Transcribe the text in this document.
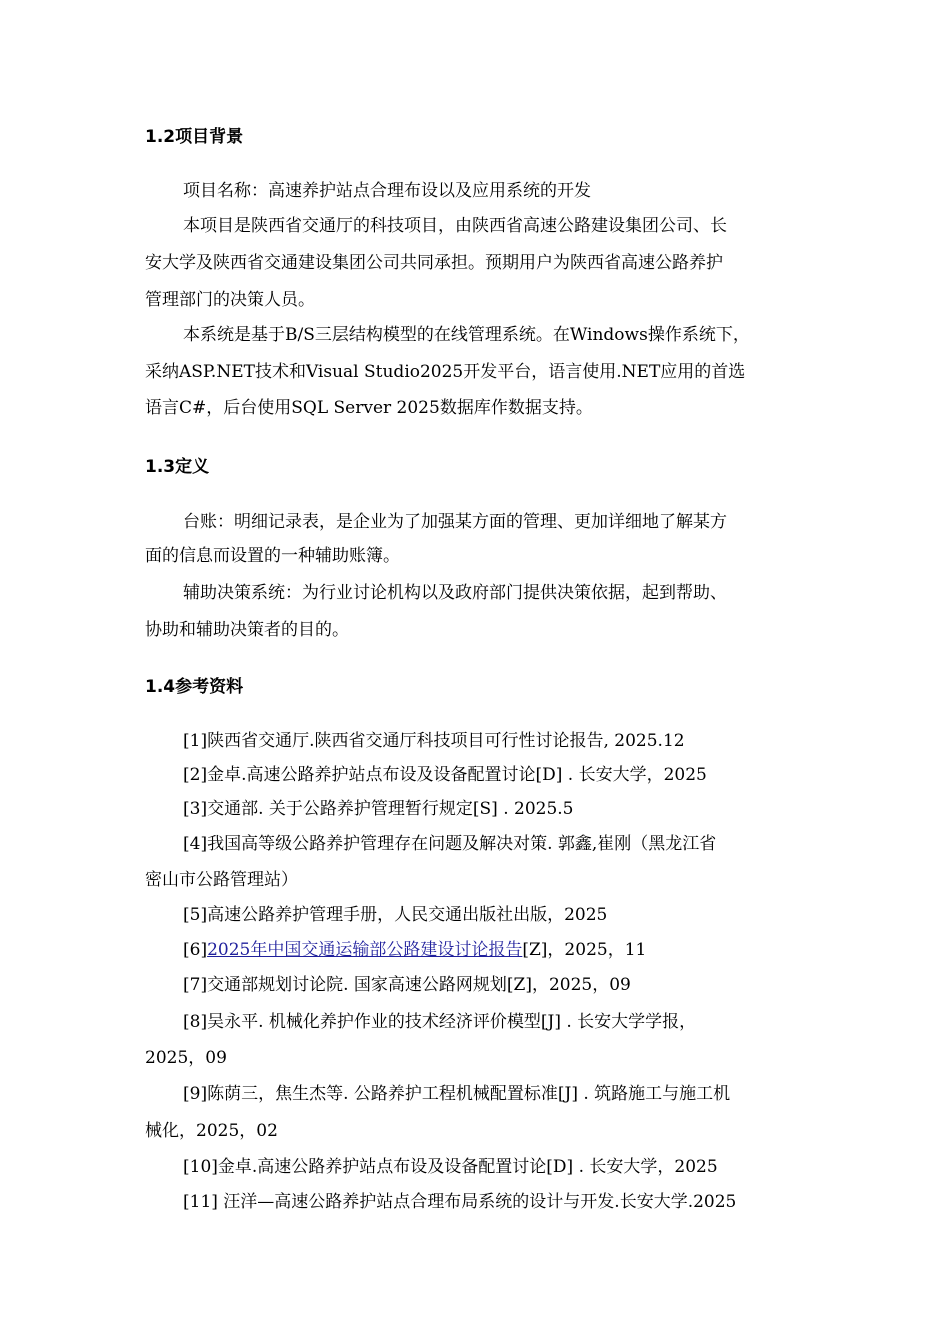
1.2项目背景
项目名称：高速养护站点合理布设以及应用系统的开发
本项目是陕西省交通厅的科技项目，由陕西省高速公路建设集团公司、长
安大学及陕西省交通建设集团公司共同承担。预期用户为陕西省高速公路养护
管理部门的决策人员。
本系统是基于B/S三层结构模型的在线管理系统。在Windows操作系统下，
采纳ASP.NET技术和Visual Studio2025开发平台，语言使用.NET应用的首选
语言C#，后台使用SQL Server 2025数据库作数据支持。
1.3定义
台账：明细记录表，是企业为了加强某方面的管理、更加详细地了解某方
面的信息而设置的一种辅助账簿。
辅助决策系统：为行业讨论机构以及政府部门提供决策依据，起到帮助、
协助和辅助决策者的目的。
1.4参考资料
[1]陕西省交通厅.陕西省交通厅科技项目可行性讨论报告, 2025.12
[2]金卓.高速公路养护站点布设及设备配置讨论[D] . 长安大学，2025
[3]交通部. 关于公路养护管理暂行规定[S] . 2025.5
[4]我国高等级公路养护管理存在问题及解决对策. 郭鑫,崔刚（黑龙江省
密山市公路管理站）
[5]高速公路养护管理手册，人民交通出版社出版，2025
[6]2025年中国交通运输部公路建设讨论报告[Z]，2025，11
[7]交通部规划讨论院. 国家高速公路网规划[Z]，2025，09
[8]吴永平. 机械化养护作业的技术经济评价模型[J] . 长安大学学报，
2025，09
[9]陈荫三，焦生杰等. 公路养护工程机械配置标准[J] . 筑路施工与施工机
械化，2025，02
[10]金卓.高速公路养护站点布设及设备配置讨论[D] . 长安大学，2025
[11] 汪洋—高速公路养护站点合理布局系统的设计与开发.长安大学.2025
